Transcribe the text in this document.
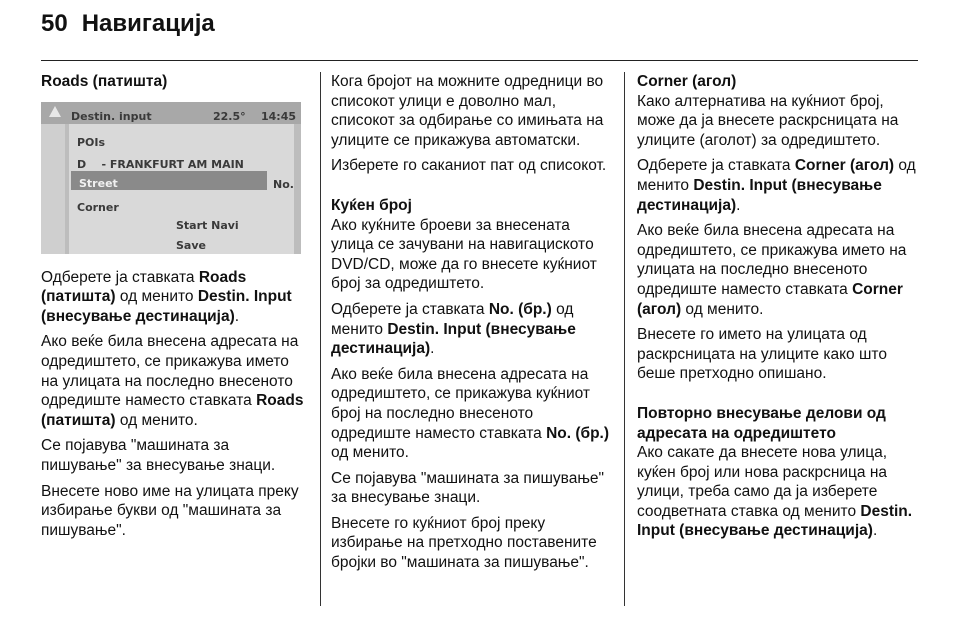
50 Навигација
Roads (патишта)
Destin. input	22.5° 14:45
POIs
D    - FRANKFURT AM MAIN
Street	No.
Corner
Start Navi
Save

Одберете ја ставката Roads (патишта) од менито Destin. Input (внесување дестинација).

Ако веќе била внесена адресата на одредиштето, се прикажува името на улицата на последно внесеното одредиште наместо ставката Roads (патишта) од менито.

Се појавува "машината за пишување" за внесување знаци.

Внесете ново име на улицата преку избирање букви од "машината за пишување".

Кога бројот на можните одредници во списокот улици е доволно мал, списокот за одбирање со имињата на улиците се прикажува автоматски.

Изберете го саканиот пат од списокот.

Куќен број

Ако куќните броеви за внесената улица се зачувани на навигацискотo DVD/CD, може да го внесете куќниот број за одредиштето.

Одберете ја ставката No. (бр.) од менито Destin. Input (внесување дестинација).

Ако веќе била внесена адресата на одредиштето, се прикажува куќниот број на последно внесеното одредиште наместо ставката No. (бр.) од менито.

Се појавува "машината за пишување" за внесување знаци.

Внесете го куќниот број преку избирање на претходно поставените бројки во "машината за пишување".

Corner (агол)

Како алтернатива на куќниот број, може да ја внесете раскрсницата на улиците (аголот) за одредиштето.

Одберете ја ставката Corner (агол) од менито Destin. Input (внесување дестинација).

Ако веќе била внесена адресата на одредиштето, се прикажува името на улицата на последно внесеното одредиште наместо ставката Corner (агол) од менито.

Внесете го името на улицата од раскрсницата на улиците како што беше претходно опишано.

Повторно внесување делови од адресата на одредиштето

Ако сакате да внесете нова улица, куќен број или нова раскрсница на улици, треба само да ја изберете соодветната ставка од менито Destin. Input (внесување дестинација).
